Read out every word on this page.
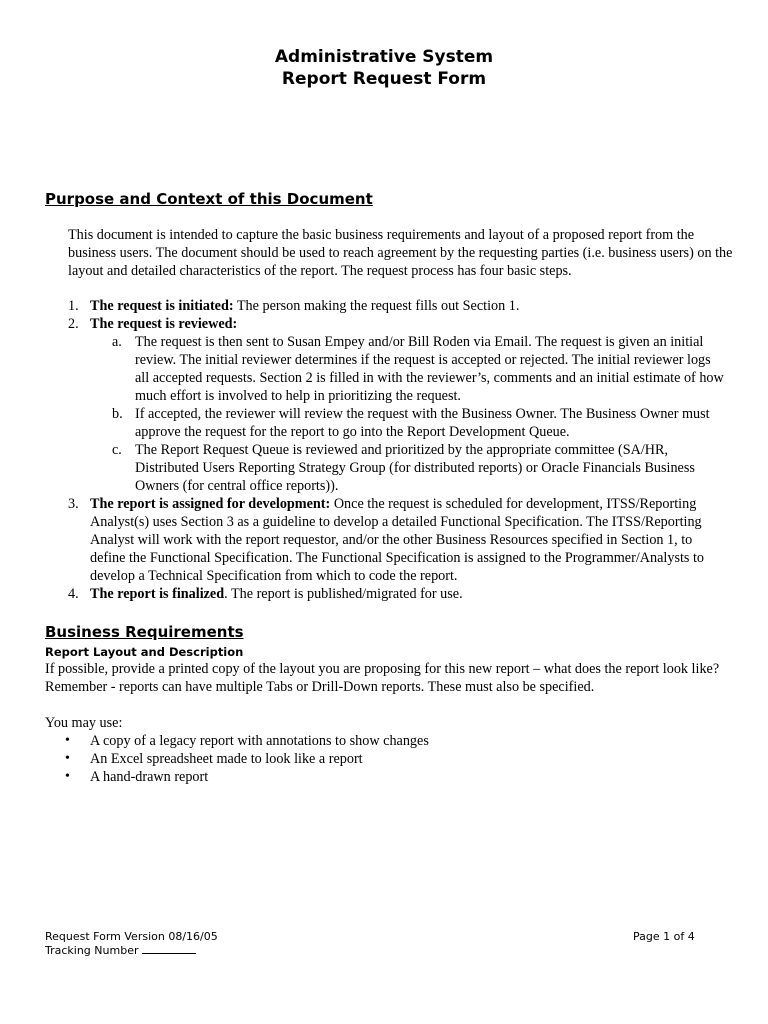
Administrative System
Report Request Form
Purpose and Context of this Document
This document is intended to capture the basic business requirements and layout of a proposed report from the business users. The document should be used to reach agreement by the requesting parties (i.e. business users) on the layout and detailed characteristics of the report. The request process has four basic steps.
1. The request is initiated: The person making the request fills out Section 1.
2. The request is reviewed:
a. The request is then sent to Susan Empey and/or Bill Roden via Email. The request is given an initial review. The initial reviewer determines if the request is accepted or rejected. The initial reviewer logs all accepted requests. Section 2 is filled in with the reviewer’s, comments and an initial estimate of how much effort is involved to help in prioritizing the request.
b. If accepted, the reviewer will review the request with the Business Owner. The Business Owner must approve the request for the report to go into the Report Development Queue.
c. The Report Request Queue is reviewed and prioritized by the appropriate committee (SA/HR, Distributed Users Reporting Strategy Group (for distributed reports) or Oracle Financials Business Owners (for central office reports)).
3. The report is assigned for development: Once the request is scheduled for development, ITSS/Reporting Analyst(s) uses Section 3 as a guideline to develop a detailed Functional Specification. The ITSS/Reporting Analyst will work with the report requestor, and/or the other Business Resources specified in Section 1, to define the Functional Specification. The Functional Specification is assigned to the Programmer/Analysts to develop a Technical Specification from which to code the report.
4. The report is finalized. The report is published/migrated for use.
Business Requirements
Report Layout and Description
If possible, provide a printed copy of the layout you are proposing for this new report – what does the report look like? Remember - reports can have multiple Tabs or Drill-Down reports. These must also be specified.
You may use:
• A copy of a legacy report with annotations to show changes
• An Excel spreadsheet made to look like a report
• A hand-drawn report
Request Form Version 08/16/05
Tracking Number
Page 1 of 4
